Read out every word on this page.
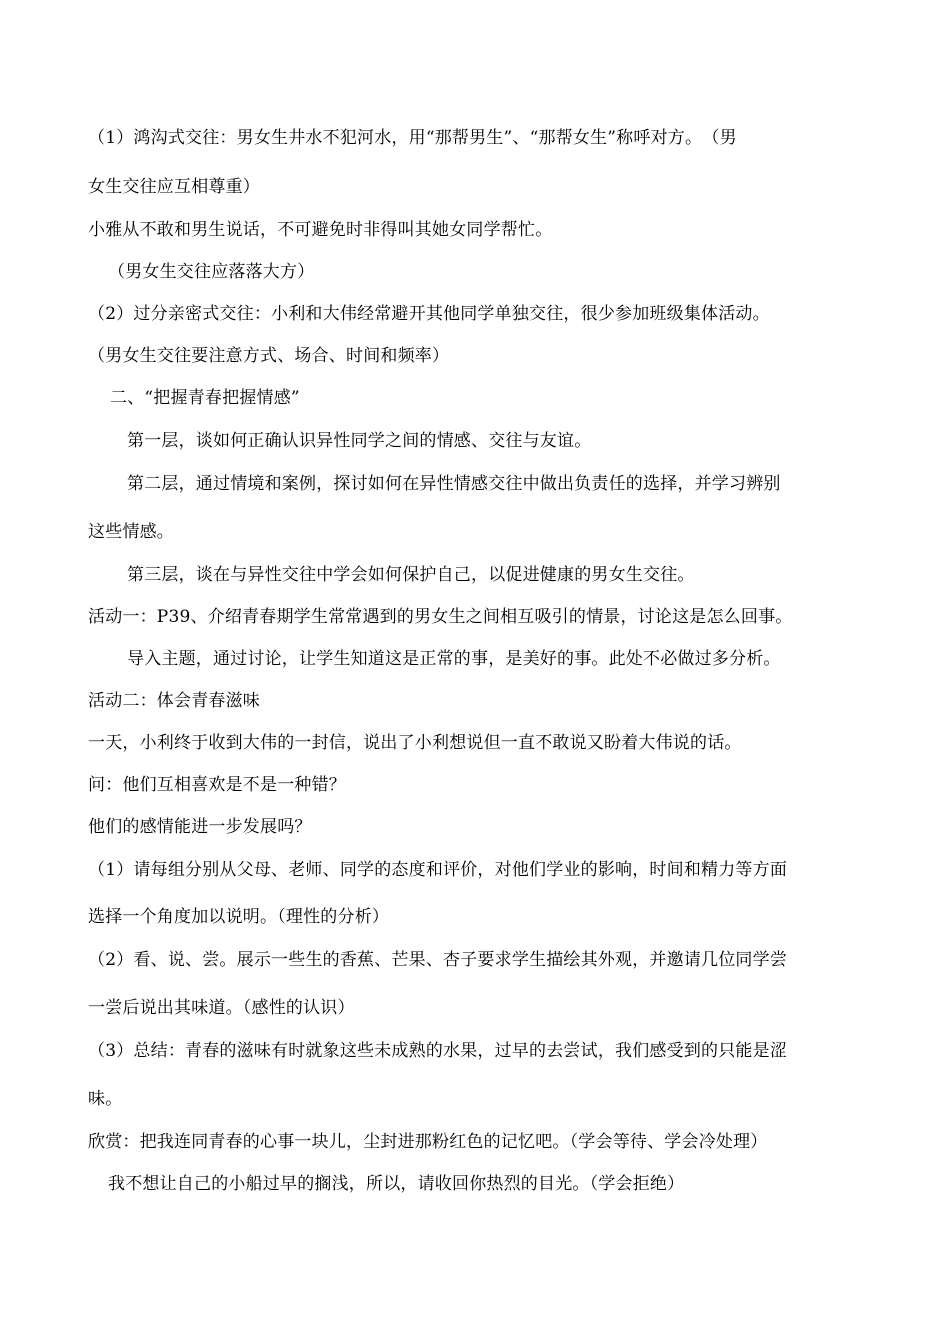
（1）鸿沟式交往：男女生井水不犯河水，用“那帮男生”、“那帮女生”称呼对方。　（男
女生交往应互相尊重）
小雅从不敢和男生说话，不可避免时非得叫其她女同学帮忙。
（男女生交往应落落大方）
（2）过分亲密式交往：小利和大伟经常避开其他同学单独交往，很少参加班级集体活动。
（男女生交往要注意方式、场合、时间和频率）
二、“把握青春把握情感”
第一层，谈如何正确认识异性同学之间的情感、交往与友谊。
第二层，通过情境和案例，探讨如何在异性情感交往中做出负责任的选择，并学习辨别
这些情感。
第三层，谈在与异性交往中学会如何保护自己，以促进健康的男女生交往。
活动一：P39、介绍青春期学生常常遇到的男女生之间相互吸引的情景，讨论这是怎么回事。
导入主题，通过讨论，让学生知道这是正常的事，是美好的事。此处不必做过多分析。
活动二：体会青春滋味
一天，小利终于收到大伟的一封信，说出了小利想说但一直不敢说又盼着大伟说的话。
问：他们互相喜欢是不是一种错？
他们的感情能进一步发展吗？
（1）请每组分别从父母、老师、同学的态度和评价，对他们学业的影响，时间和精力等方面
选择一个角度加以说明。（理性的分析）
（2）看、说、尝。展示一些生的香蕉、芒果、杏子要求学生描绘其外观，并邀请几位同学尝
一尝后说出其味道。（感性的认识）
（3）总结：青春的滋味有时就象这些未成熟的水果，过早的去尝试，我们感受到的只能是涩
味。
欣赏：把我连同青春的心事一块儿，尘封进那粉红色的记忆吧。（学会等待、学会冷处理）
我不想让自己的小船过早的搁浅，所以，请收回你热烈的目光。（学会拒绝）
